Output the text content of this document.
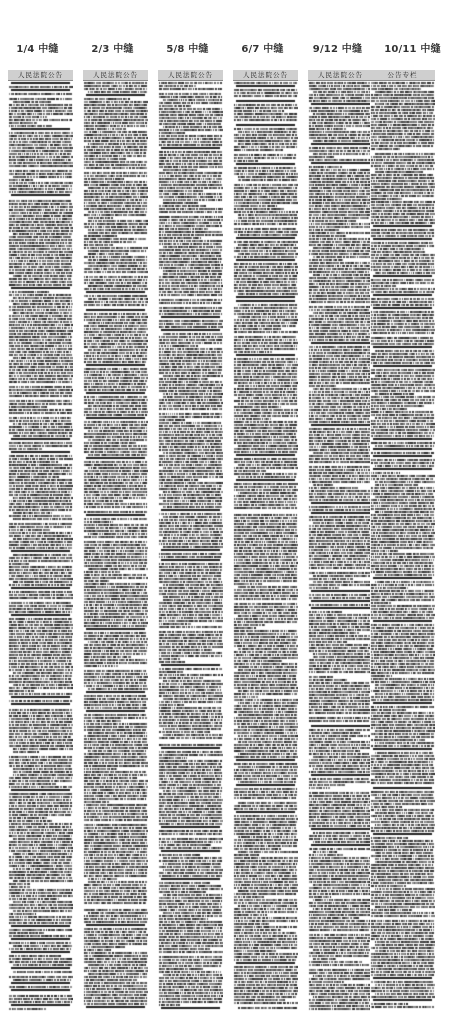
1/4 中缝	2/3 中缝	5/8 中缝	6/7 中缝	9/12 中缝	10/11 中缝
人民法院公告	人民法院公告	人民法院公告	人民法院公告	人民法院公告	公告专栏
